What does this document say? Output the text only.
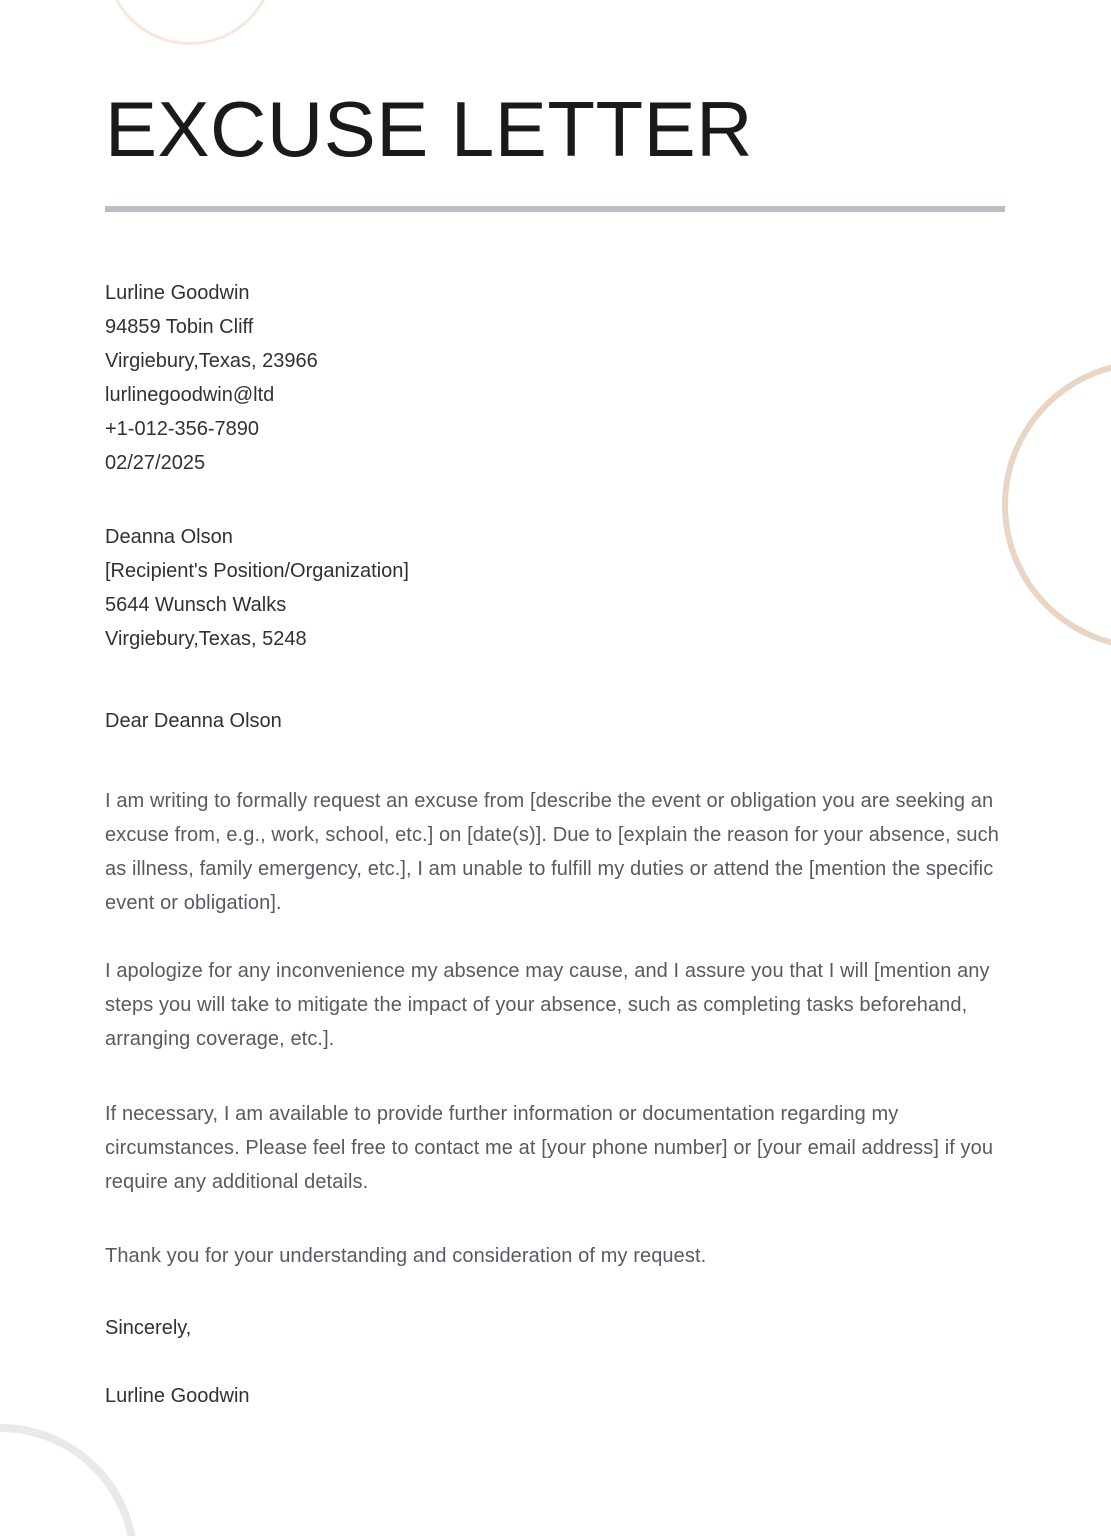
EXCUSE LETTER
Lurline Goodwin
94859 Tobin Cliff
Virgiebury,Texas, 23966
lurlinegoodwin@ltd
+1-012-356-7890
02/27/2025
Deanna Olson
[Recipient's Position/Organization]
5644 Wunsch Walks
Virgiebury,Texas, 5248
Dear Deanna Olson

I am writing to formally request an excuse from [describe the event or obligation you are seeking an excuse from, e.g., work, school, etc.] on [date(s)]. Due to [explain the reason for your absence, such as illness, family emergency, etc.], I am unable to fulfill my duties or attend the [mention the specific event or obligation].

I apologize for any inconvenience my absence may cause, and I assure you that I will [mention any steps you will take to mitigate the impact of your absence, such as completing tasks beforehand, arranging coverage, etc.].

If necessary, I am available to provide further information or documentation regarding my circumstances. Please feel free to contact me at [your phone number] or [your email address] if you require any additional details.

Thank you for your understanding and consideration of my request.

Sincerely,
Lurline Goodwin
